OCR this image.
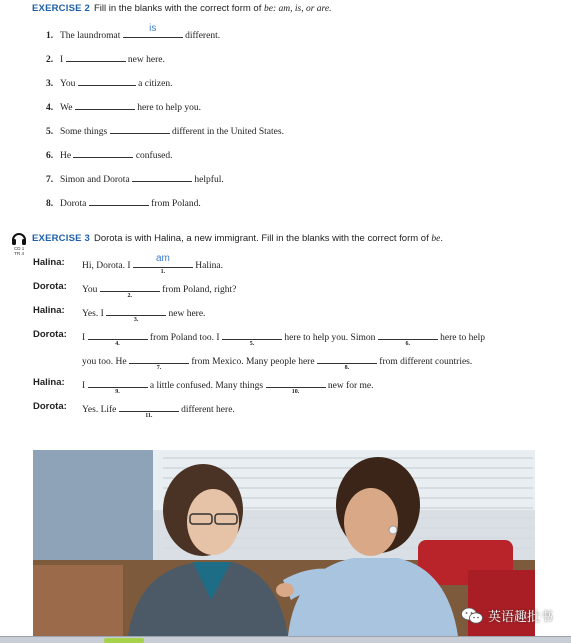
EXERCISE 2 Fill in the blanks with the correct form of be: am, is, or are.
1. The laundromat
is
different.
2. I	new here.
3. You	a citizen.
4. We	here to help you.
5. Some things	different in the United States.
6. He	confused.
7. Simon and Dorota	helpful.
8. Dorota	from Poland.
CD 1
TR 4
EXERCISE 3 Dorota is with Halina, a new immigrant. Fill in the blanks with the correct form of be.
Halina: Hi, Dorota. I
am
1.
Halina.
Dorota: You
2.
from Poland, right?
Halina: Yes. I
3.
new here.
Dorota: I
4.
from Poland too. I
5.
here to help you. Simon
6.
here to help
you too. He
7.
from Mexico. Many people here
8.
from different countries.
Halina: I
9.
a little confused. Many things
10.
new for me.
Dorota: Yes. Life
11.
different here.
英语趣批书
